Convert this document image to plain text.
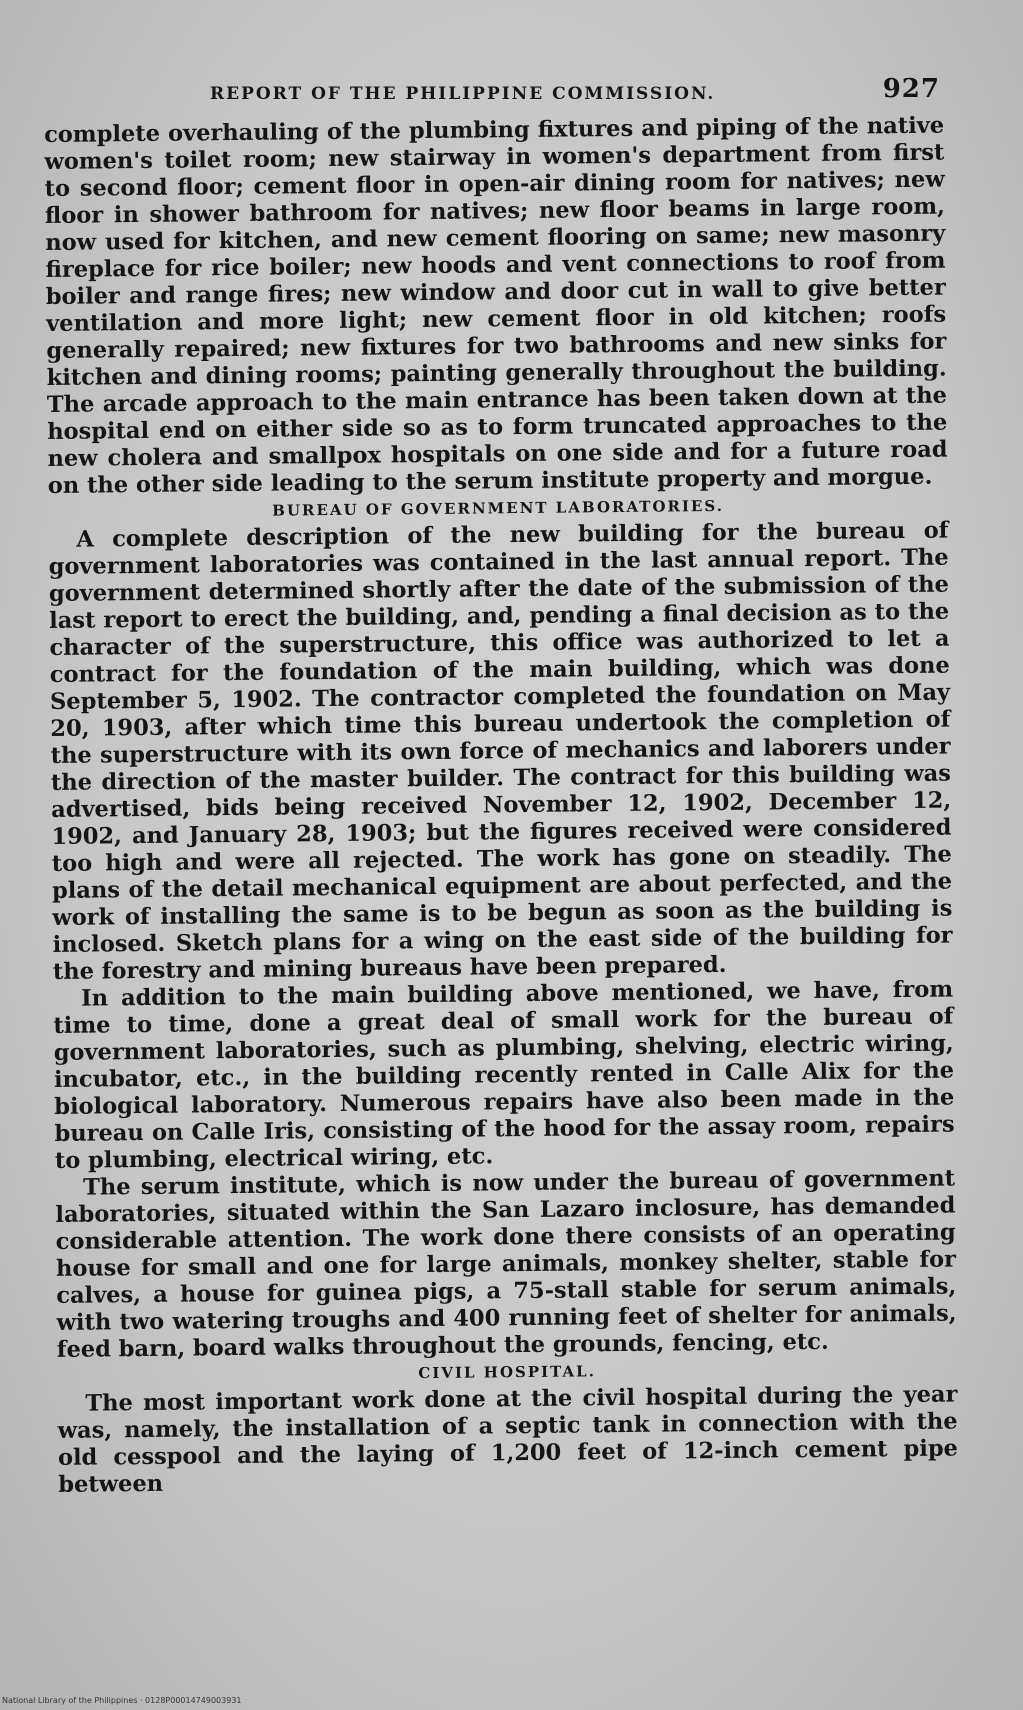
REPORT OF THE PHILIPPINE COMMISSION.	927

complete overhauling of the plumbing fixtures and piping of the native women's toilet room; new stairway in women's department from first to second floor; cement floor in open-air dining room for natives; new floor in shower bathroom for natives; new floor beams in large room, now used for kitchen, and new cement flooring on same; new masonry fireplace for rice boiler; new hoods and vent connections to roof from boiler and range fires; new window and door cut in wall to give better ventilation and more light; new cement floor in old kitchen; roofs generally repaired; new fixtures for two bathrooms and new sinks for kitchen and dining rooms; painting generally throughout the building. The arcade approach to the main entrance has been taken down at the hospital end on either side so as to form truncated approaches to the new cholera and smallpox hospitals on one side and for a future road on the other side leading to the serum institute property and morgue.

BUREAU OF GOVERNMENT LABORATORIES.

A complete description of the new building for the bureau of government laboratories was contained in the last annual report. The government determined shortly after the date of the submission of the last report to erect the building, and, pending a final decision as to the character of the superstructure, this office was authorized to let a contract for the foundation of the main building, which was done September 5, 1902. The contractor completed the foundation on May 20, 1903, after which time this bureau undertook the completion of the superstructure with its own force of mechanics and laborers under the direction of the master builder. The contract for this building was advertised, bids being received November 12, 1902, December 12, 1902, and January 28, 1903; but the figures received were considered too high and were all rejected. The work has gone on steadily. The plans of the detail mechanical equipment are about perfected, and the work of installing the same is to be begun as soon as the building is inclosed. Sketch plans for a wing on the east side of the building for the forestry and mining bureaus have been prepared.

In addition to the main building above mentioned, we have, from time to time, done a great deal of small work for the bureau of government laboratories, such as plumbing, shelving, electric wiring, incubator, etc., in the building recently rented in Calle Alix for the biological laboratory. Numerous repairs have also been made in the bureau on Calle Iris, consisting of the hood for the assay room, repairs to plumbing, electrical wiring, etc.

The serum institute, which is now under the bureau of government laboratories, situated within the San Lazaro inclosure, has demanded considerable attention. The work done there consists of an operating house for small and one for large animals, monkey shelter, stable for calves, a house for guinea pigs, a 75-stall stable for serum animals, with two watering troughs and 400 running feet of shelter for animals, feed barn, board walks throughout the grounds, fencing, etc.

CIVIL HOSPITAL.

The most important work done at the civil hospital during the year was, namely, the installation of a septic tank in connection with the old cesspool and the laying of 1,200 feet of 12-inch cement pipe between

National Library of the Philippines · 0128P00014749003931
